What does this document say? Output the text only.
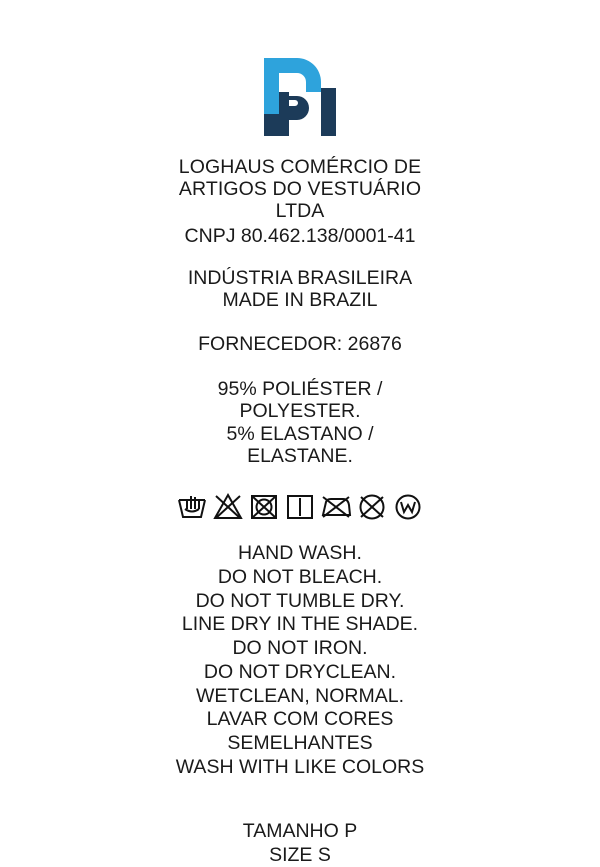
LOGHAUS COMÉRCIO DE
ARTIGOS DO VESTUÁRIO
LTDA
CNPJ 80.462.138/0001-41
INDÚSTRIA BRASILEIRA
MADE IN BRAZIL
FORNECEDOR: 26876
95% POLIÉSTER /
POLYESTER.
5% ELASTANO /
ELASTANE.
HAND WASH.
DO NOT BLEACH.
DO NOT TUMBLE DRY.
LINE DRY IN THE SHADE.
DO NOT IRON.
DO NOT DRYCLEAN.
WETCLEAN, NORMAL.
LAVAR COM CORES
SEMELHANTES
WASH WITH LIKE COLORS
TAMANHO P
SIZE S
